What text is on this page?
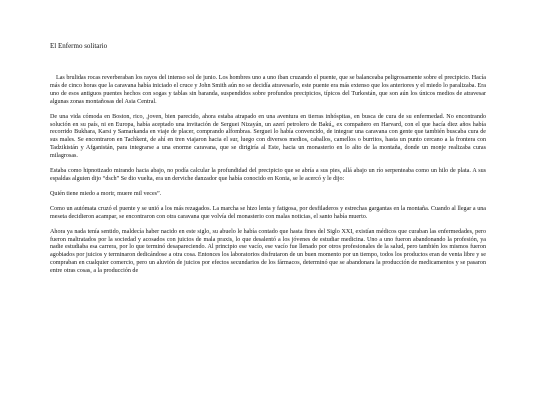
El Enfermo solitario

Las brulidas rocas reverberaban los rayos del intenso sol de junio. Los hombres uno a uno iban cruzando el puente, que se balanceaba peligrosamente sobre el precipicio. Hacía más de cinco horas que la caravana había iniciado el cruce y John Smith aún no se decidía atravesarlo, este puente era más extenso que los anteriores y el miedo lo paralizaba. Era uno de esos antiguos puentes hechos con sogas y tablas sin baranda, suspendidos sobre profundos precipicios, típicos del Turkestán, que son aún los únicos medios de atravesar algunas zonas montañosas del Asia Central.

De una vida cómoda en Boston, rico, ,joven, bien parecido, ahora estaba atrapado en una aventura en tierras inhóspitas, en busca de cura de su enfermedad. No encontrando solución en su país, ni en Europa, había aceptado una invitación de Serguei Nizayán, un azerí petrolero de Bakú,, ex compañero en Harvard, con el que hacía diez años había recorrido Bukhara, Karsi y Samarkanda en viaje de placer, comprando alfombras. Serguei lo había convencido, de integrar una caravana con gente que también buscaba cura de sus males. Se encontraron en Tachkent, de ahí en tren viajaron hacia el sur, luego con diversos medios, caballos, camellos o burritos, hasta un punto cercano a la frontera con Tadzikistán y Afganistán, para integrarse a una enorme caravana, que se dirigiría al Este, hacia un monasterio en lo alto de la montaña, donde un monje realizaba curas milagrosas.

Estaba como hipnotizado mirando hacia abajo, no podía calcular la profundidad del precipicio que se abría a sus pies, allá abajo un río serpenteaba como un hilo de plata. A sus espaldas alguien dijo “dsch” Se dio vuelta, era un derviche danzador que había conocido en Konia, se le acercó y le dijo:

Quién tiene miedo a morir, muere mil veces”.

Como un autómata cruzó el puente y se unió a los más rezagados. La marcha se hizo lenta y fatigosa, por desfiladeros y estrechas gargantas en la montaña. Cuando al llegar a una meseta decidieron acampar, se encontraron con otra caravana que volvía del monasterio con malas noticias, el santo había muerto.

Ahora ya nada tenía sentido, maldecía haber nacido en este siglo, su abuelo le había contado que hasta fines del Siglo XXI, existían médicos que curaban las enfermedades, pero fueron maltratados por la sociedad y acosados con juicios de mala praxis, lo que desalentó a los jóvenes de estudiar medicina. Uno a uno fueron abandonando la profesión, ya nadie estudiaba esa carrera, por lo que terminó desapareciendo. Al principio ese vacío, ese vacío fue llenado por otros profesionales de la salud, pero también los mismos fueron agobiados por juicios y terminaron dedicándose a otra cosa. Entonces los laboratorios disfrutaron de un buen momento por un tiempo, todos los productos eran de venta libre y se compraban en cualquier comercio, pero un aluvión de juicios por efectos secundarios de los fármacos, determinó que se abandonara la producción de medicamentos y se pasaron entre otras cosas, a la producción de
